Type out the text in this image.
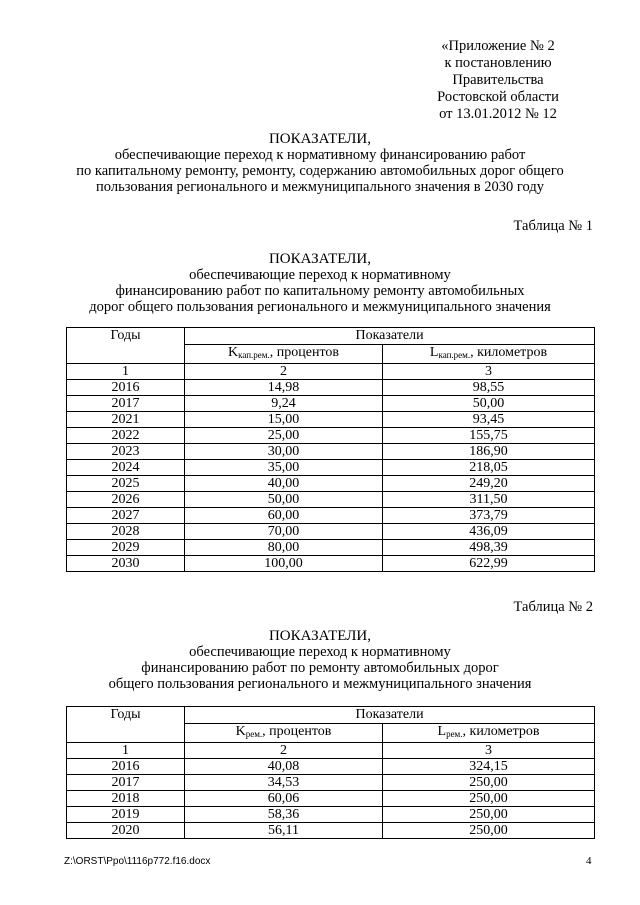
«Приложение № 2
к постановлению
Правительства
Ростовской области
от 13.01.2012 № 12
ПОКАЗАТЕЛИ,
обеспечивающие переход к нормативному финансированию работ
по капитальному ремонту, ремонту, содержанию автомобильных дорог общего
пользования регионального и межмуниципального значения в 2030 году
Таблица № 1
ПОКАЗАТЕЛИ,
обеспечивающие переход к нормативному
финансированию работ по капитальному ремонту автомобильных
дорог общего пользования регионального и межмуниципального значения
Годы	Показатели	
	$K_{кап.рем.}$, процентов	$L_{кап.рем.}$, километров
1	2	3
2016	14,98	98,55
2017	9,24	50,00
2021	15,00	93,45
2022	25,00	155,75
2023	30,00	186,90
2024	35,00	218,05
2025	40,00	249,20
2026	50,00	311,50
2027	60,00	373,79
2028	70,00	436,09
2029	80,00	498,39
2030	100,00	622,99
Таблица № 2
ПОКАЗАТЕЛИ,
обеспечивающие переход к нормативному
финансированию работ по ремонту автомобильных дорог
общего пользования регионального и межмуниципального значения
Годы	Показатели	
	$K_{рем.}$, процентов	$L_{рем.}$, километров
1	2	3
2016	40,08	324,15
2017	34,53	250,00
2018	60,06	250,00
2019	58,36	250,00
2020	56,11	250,00
Z:\ORST\Ppo\1116p772.f16.docx	4
